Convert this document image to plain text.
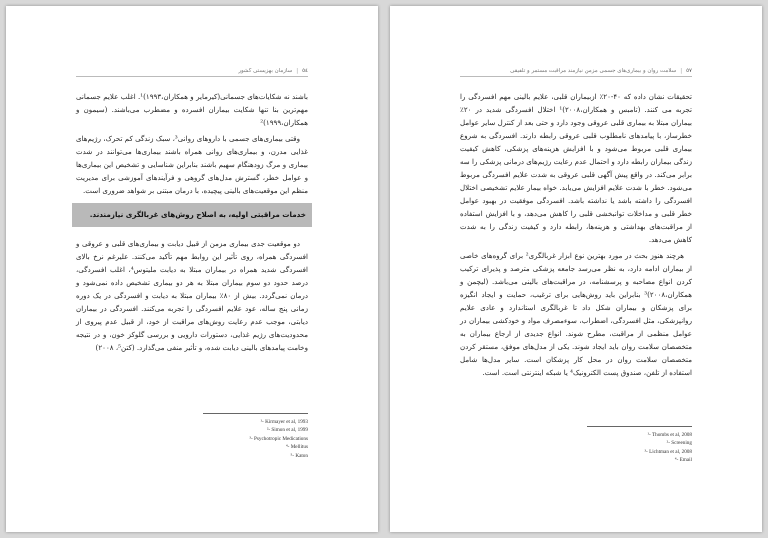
٥٤
|
سازمان بهزیستی کشور

باشند نه شکایات‌های جسمانی(کیرمایر و همکاران،۱۹۹۳)¹. اغلب علایم جسمانی مهم‌ترین بنا تنها شکایت بیماران افسرده و مضطرب می‌باشند. (سیمون و همکاران،۱۹۹۹)²

وقتی بیماری‌های جسمی با داروهای روانی³، سبک زندگی کم تحرک، رژیم‌های غذایی مدرن، و بیماری‌های روانی همراه باشند بیماری‌ها می‌توانند در شدت بیماری و مرگ زودهنگام سهیم باشند بنابراین شناسایی و تشخیص این بیماری‌ها و عوامل خطر، گسترش مدل‌های گروهی و فرآیندهای آموزشی برای مدیریت منظم این موقعیت‌های بالینی پیچیده، با درمان مبتنی بر شواهد ضروری است.

خدمات مراقبتی اولیه، به اصلاح روش‌های غربالگری نیازمندند.

دو موقعیت جدی بیماری مزمن از قبیل دیابت و بیماری‌های قلبی و عروقی و افسردگی همراه، روی تأثیر این روابط مهم تأکید می‌کنند. علیرغم نرخ بالای افسردگی شدید همراه در بیماران مبتلا به دیابت ملیتوس⁴، اغلب افسردگی، درصد حدود دو سوم بیماران مبتلا به هر دو بیماری تشخیص داده نمی‌شود و درمان نمی‌گردد. بیش از ۸۰٪ بیماران مبتلا به دیابت و افسردگی در یک دوره زمانی پنج ساله، عود علایم افسردگی را تجربه می‌کنند. افسردگی در بیماران دیابتی، موجب عدم رعایت روش‌های مراقبت از خود، از قبیل عدم پیروی از محدودیت‌های رژیم غذایی، دستورات دارویی و بررسی گلوکز خون، و در نتیجه وخامت پیامدهای بالینی دیابت شده، و تأثیر منفی می‌گذارد. (کتن⁵، ۲۰۰۸)

¹- Kirmayer et al, 1993
²- Simon et al, 1999
³- Psychotropic Medications
⁴- Mellitus
⁵- Katon
٥٧
|
سلامت روان و بیماری‌های جسمی مزمن نیازمند مراقبت مستمر و تلفیقی

تحقیقات نشان داده که ۴۰-۲۰٪ ازبیماران قلبی، علایم بالینی مهم افسردگی را تجربه می کنند. (تامبس و همکاران،۲۰۰۸)¹ اختلال افسردگی شدید در ۲۰٪ بیماران مبتلا به بیماری قلبی عروقی وجود دارد و حتی بعد از کنترل سایر عوامل خطرساز، با پیامدهای نامطلوب قلبی عروقی رابطه دارند. افسردگی به شروع بیماری قلبی مربوط می‌شود و با افزایش هزینه‌های پزشکی، کاهش کیفیت زندگی بیماران رابطه دارد و احتمال عدم رعایت رژیم‌های درمانی پزشکی را سه برابر می‌کند. در واقع پیش آگهی قلبی عروقی به شدت علایم افسردگی مربوط می‌شود. خطر با شدت علایم افزایش می‌یابد. خواه بیمار علایم تشخیصی اختلال افسردگی را داشته باشد یا نداشته باشد. افسردگی موفقیت در بهبود عوامل خطر قلبی و مداخلات توانبخشی قلبی را کاهش می‌دهد، و با افزایش استفاده از مراقبت‌های بهداشتی و هزینه‌ها، رابطه دارد و کیفیت زندگی را به شدت کاهش می‌دهد.

هرچند هنوز بحث در مورد بهترین نوع ابزار غربالگری² برای گروه‌های خاصی از بیماران ادامه دارد، به نظر می‌رسد جامعه پزشکی مترصد و پذیرای ترکیب کردن انواع مصاحبه و پرسشنامه، در مراقبت‌های بالینی می‌باشد. (لیچمن و همکاران،۲۰۰۸)³ بنابراین باید روش‌هایی برای ترغیب، حمایت و ایجاد انگیزه برای پزشکان و بیماران شکل داد تا غربالگری استاندارد و عادی علایم روانپزشکی، مثل افسردگی، اضطراب، سوءمصرف مواد و خودکشی بیماران در عوامل منظمی از مراقبت، مطرح شوند. انواع جدیدی از ارجاع بیماران به متخصصان سلامت روان باید ایجاد شوند. یکی از مدل‌های موفق، مستقر کردن متخصصان سلامت روان در محل کار پزشکان است. سایر مدل‌ها شامل استفاده از تلفن، صندوق پست الکترونیک⁴ یا شبکه اینترنتی است. است.

¹- Thombs et al, 2008
²- Screening
³- Lichtman et al, 2008
⁴- Email
